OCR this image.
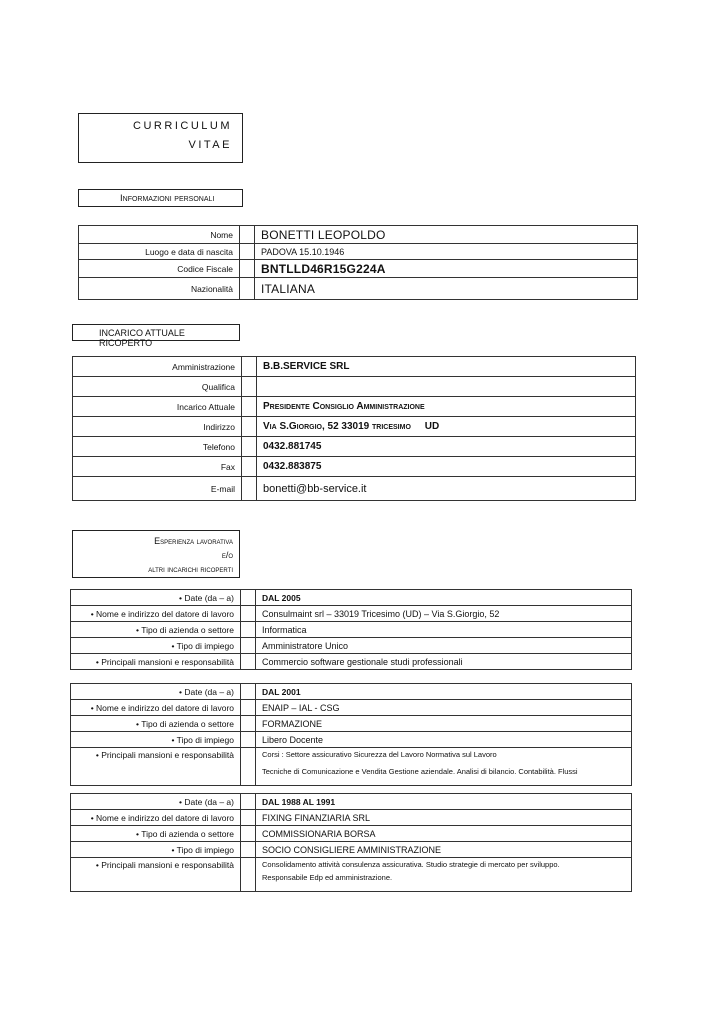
CURRICULUM
VITAE
Informazioni personali
Nome		BONETTI LEOPOLDO
Luogo e data di nascita		PADOVA 15.10.1946
Codice Fiscale		BNTLLD46R15G224A
Nazionalità		ITALIANA
INCARICO ATTUALE RICOPERTO
Amministrazione		B.B.SERVICE SRL
Qualifica		
Incarico Attuale		Presidente Consiglio Amministrazione
Indirizzo		Via S.Giorgio, 52 33019 tricesimo     UD
Telefono		0432.881745
Fax		0432.883875
E-mail		bonetti@bb-service.it
Esperienza lavorativa
e/o
altri incarichi ricoperti
• Date (da – a)		DAL 2005
• Nome e indirizzo del datore di lavoro		Consulmaint srl – 33019 Tricesimo (UD) – Via S.Giorgio, 52
• Tipo di azienda o settore		Informatica
• Tipo di impiego		Amministratore Unico
• Principali mansioni e responsabilità		Commercio software gestionale studi professionali
• Date (da – a)		DAL 2001
• Nome e indirizzo del datore di lavoro		ENAIP – IAL - CSG
• Tipo di azienda o settore		FORMAZIONE
• Tipo di impiego		Libero Docente
• Principali mansioni e responsabilità		Corsi : Settore assicurativo Sicurezza del Lavoro Normativa sul Lavoro
Tecniche di Comunicazione e Vendita Gestione aziendale. Analisi di bilancio. Contabilità. Flussi
• Date (da – a)		DAL 1988 AL 1991
• Nome e indirizzo del datore di lavoro		FIXING FINANZIARIA SRL
• Tipo di azienda o settore		COMMISSIONARIA BORSA
• Tipo di impiego		SOCIO CONSIGLIERE AMMINISTRAZIONE
• Principali mansioni e responsabilità		Consolidamento attività consulenza assicurativa. Studio strategie di mercato per sviluppo.
Responsabile Edp ed amministrazione.
